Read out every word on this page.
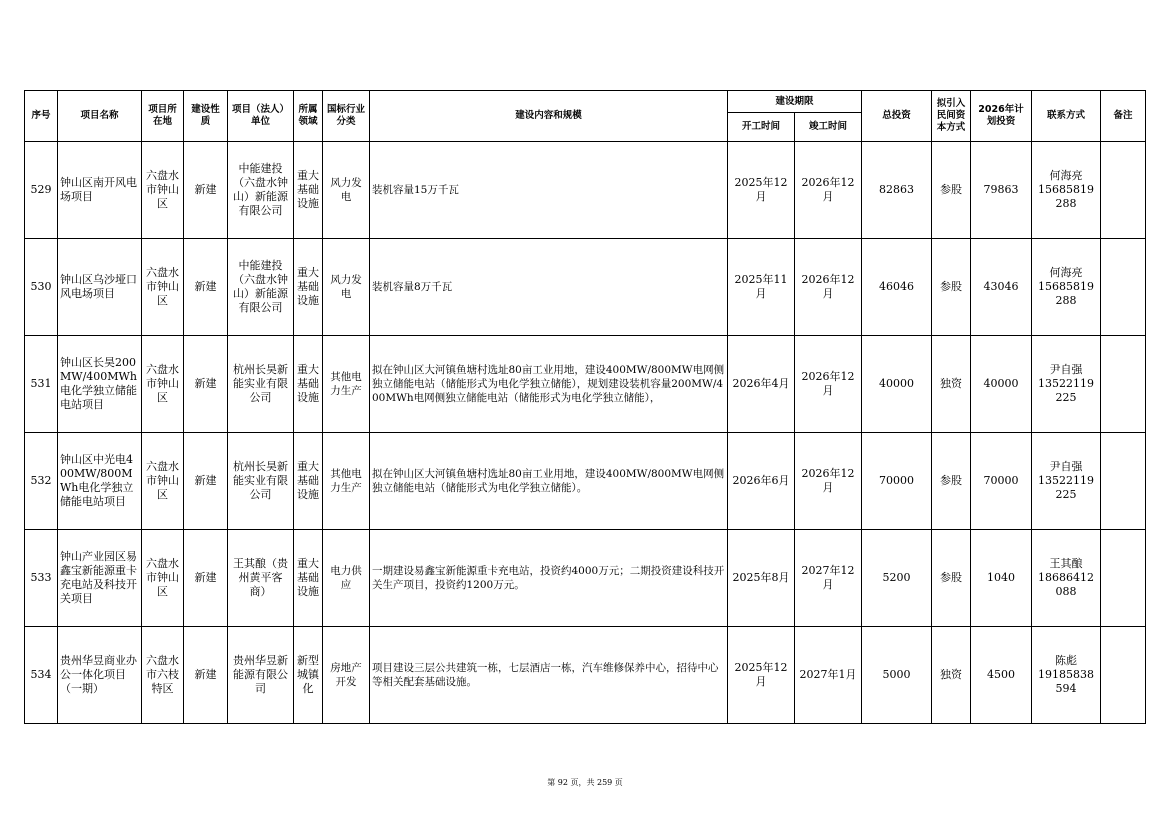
序号	项目名称	项目所在地	建设性质	项目（法人）单位	所属领域	国标行业分类	建设内容和规模	建设期限		总投资	拟引入民间资本方式	2026年计划投资	联系方式	备注
								开工时间	竣工时间					
529	钟山区南开风电场项目	六盘水市钟山区	新建	中能建投（六盘水钟山）新能源有限公司	重大基础设施	风力发电	装机容量15万千瓦	2025年12月	2026年12月	82863	参股	79863	何海亮
15685819288	

530	钟山区乌沙垭口风电场项目	六盘水市钟山区	新建	中能建投（六盘水钟山）新能源有限公司	重大基础设施	风力发电	装机容量8万千瓦	2025年11月	2026年12月	46046	参股	43046	何海亮
15685819288	

531	钟山区长昊200MW/400MWh电化学独立储能电站项目	六盘水市钟山区	新建	杭州长昊新能实业有限公司	重大基础设施	其他电力生产	拟在钟山区大河镇鱼塘村选址80亩工业用地，建设400MW/800MW电网侧独立储能电站（储能形式为电化学独立储能），规划建设装机容量200MW/400MWh电网侧独立储能电站（储能形式为电化学独立储能），	2026年4月	2026年12月	40000	独资	40000	尹自强
13522119225	

532	钟山区中光电400MW/800MWh电化学独立储能电站项目	六盘水市钟山区	新建	杭州长昊新能实业有限公司	重大基础设施	其他电力生产	拟在钟山区大河镇鱼塘村选址80亩工业用地，建设400MW/800MW电网侧独立储能电站（储能形式为电化学独立储能）。	2026年6月	2026年12月	70000	参股	70000	尹自强
13522119225	

533	钟山产业园区易鑫宝新能源重卡充电站及科技开关项目	六盘水市钟山区	新建	王其酿（贵州黄平客商）	重大基础设施	电力供应	一期建设易鑫宝新能源重卡充电站，投资约4000万元；二期投资建设科技开关生产项目，投资约1200万元。	2025年8月	2027年12月	5200	参股	1040	王其酿
18686412088	

534	贵州华昱商业办公一体化项目（一期）	六盘水市六枝特区	新建	贵州华昱新能源有限公司	新型城镇化	房地产开发	项目建设三层公共建筑一栋，七层酒店一栋，汽车维修保养中心，招待中心等相关配套基础设施。	2025年12月	2027年1月	5000	独资	4500	陈彪
19185838594	

第 92 页，共 259 页
